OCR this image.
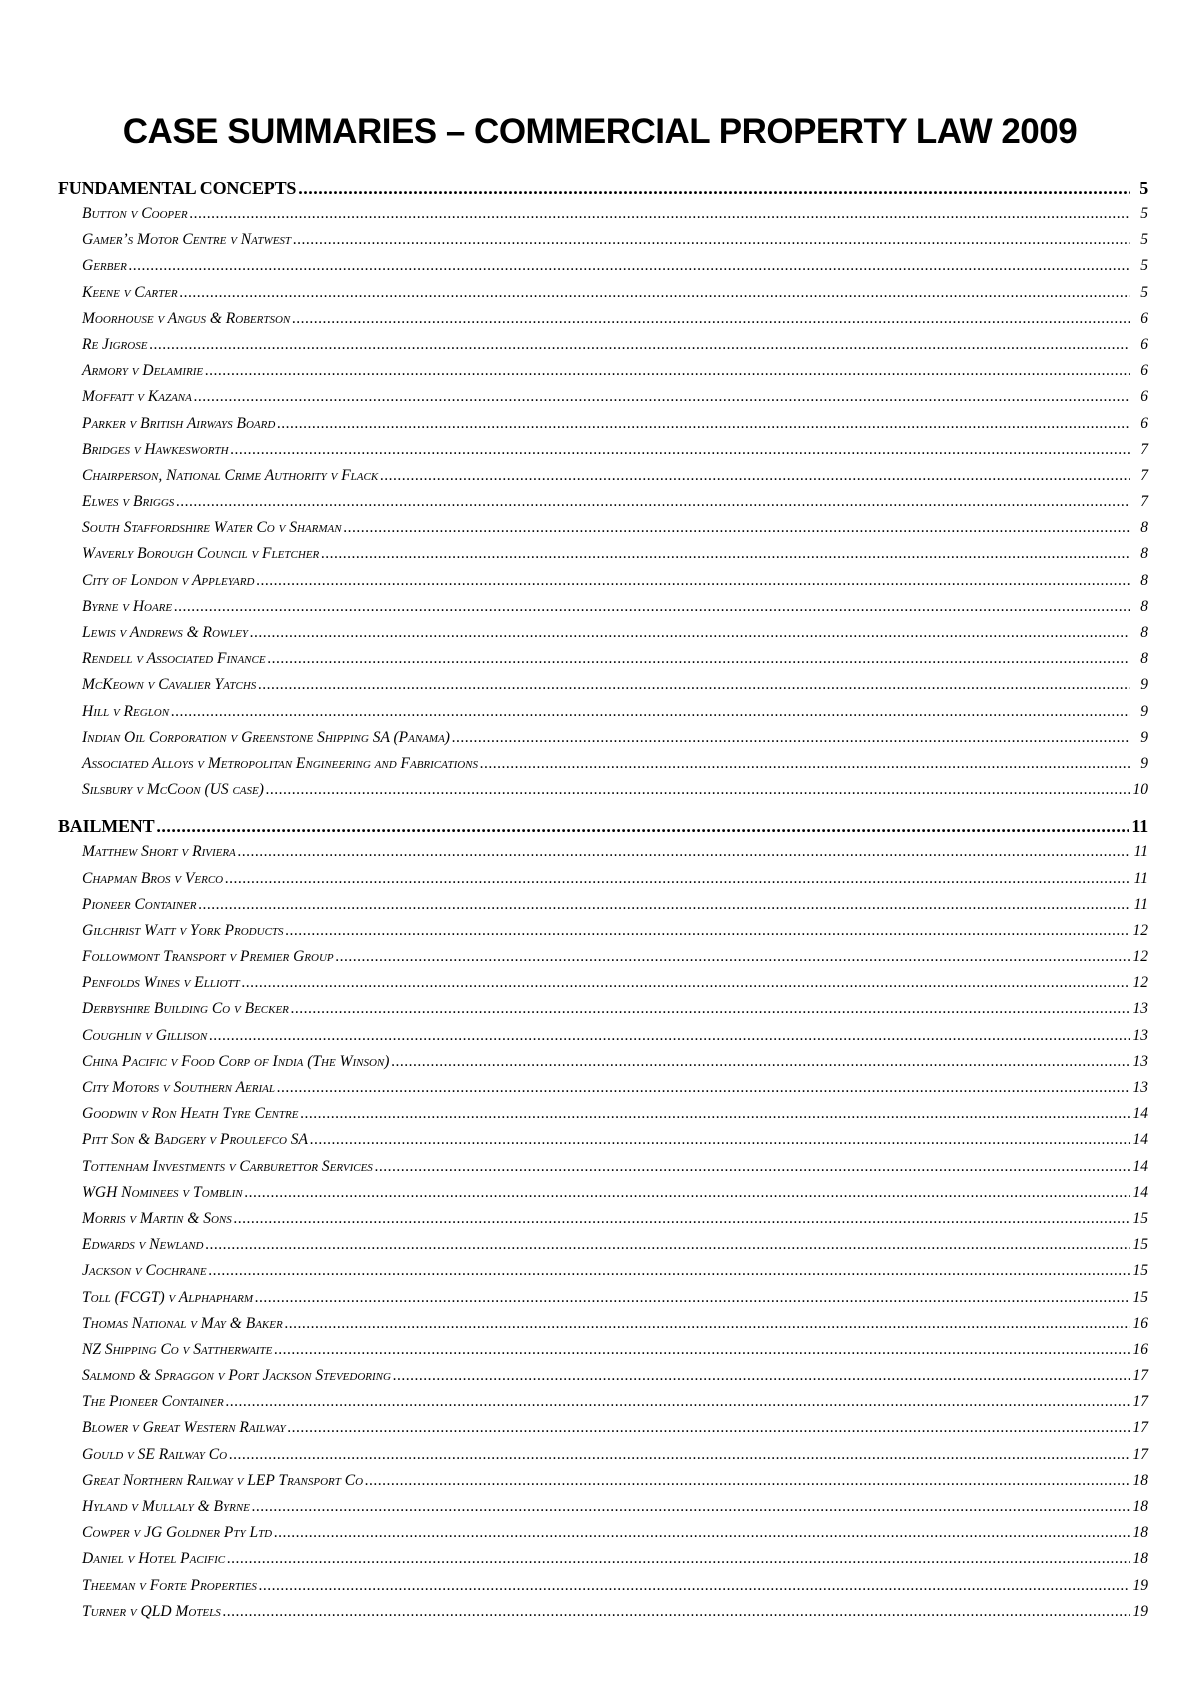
CASE SUMMARIES – COMMERCIAL PROPERTY LAW 2009
FUNDAMENTAL CONCEPTS .....	5
Button v Cooper .....	5
Gamer’s Motor Centre v Natwest .....	5
Gerber .....	5
Keene v Carter .....	5
Moorhouse v Angus & Robertson .....	6
Re Jigrose .....	6
Armory v Delamirie .....	6
Moffatt v Kazana .....	6
Parker v British Airways Board .....	6
Bridges v Hawkesworth .....	7
Chairperson, National Crime Authority v Flack .....	7
Elwes v Briggs .....	7
South Staffordshire Water Co v Sharman .....	8
Waverly Borough Council v Fletcher .....	8
City of London v Appleyard .....	8
Byrne v Hoare .....	8
Lewis v Andrews & Rowley .....	8
Rendell v Associated Finance .....	8
McKeown v Cavalier Yatchs .....	9
Hill v Reglon .....	9
Indian Oil Corporation v Greenstone Shipping SA (Panama) .....	9
Associated Alloys v Metropolitan Engineering and Fabrications .....	9
Silsbury v McCoon (US case) .....	10
BAILMENT .....	11
Matthew Short v Riviera .....	11
Chapman Bros v Verco .....	11
Pioneer Container .....	11
Gilchrist Watt v York Products .....	12
Followmont Transport v Premier Group .....	12
Penfolds Wines v Elliott .....	12
Derbyshire Building Co v Becker .....	13
Coughlin v Gillison .....	13
China Pacific v Food Corp of India (The Winson) .....	13
City Motors v Southern Aerial .....	13
Goodwin v Ron Heath Tyre Centre .....	14
Pitt Son & Badgery v Proulefco SA .....	14
Tottenham Investments v Carburettor Services .....	14
WGH Nominees v Tomblin .....	14
Morris v Martin & Sons .....	15
Edwards v Newland .....	15
Jackson v Cochrane .....	15
Toll (FCGT) v Alphapharm .....	15
Thomas National v May & Baker .....	16
NZ Shipping Co v Sattherwaite .....	16
Salmond & Spraggon v Port Jackson Stevedoring .....	17
The Pioneer Container .....	17
Blower v Great Western Railway .....	17
Gould v SE Railway Co .....	17
Great Northern Railway v LEP Transport Co .....	18
Hyland v Mullaly & Byrne .....	18
Cowper v JG Goldner Pty Ltd .....	18
Daniel v Hotel Pacific .....	18
Theeman v Forte Properties .....	19
Turner v QLD Motels .....	19
